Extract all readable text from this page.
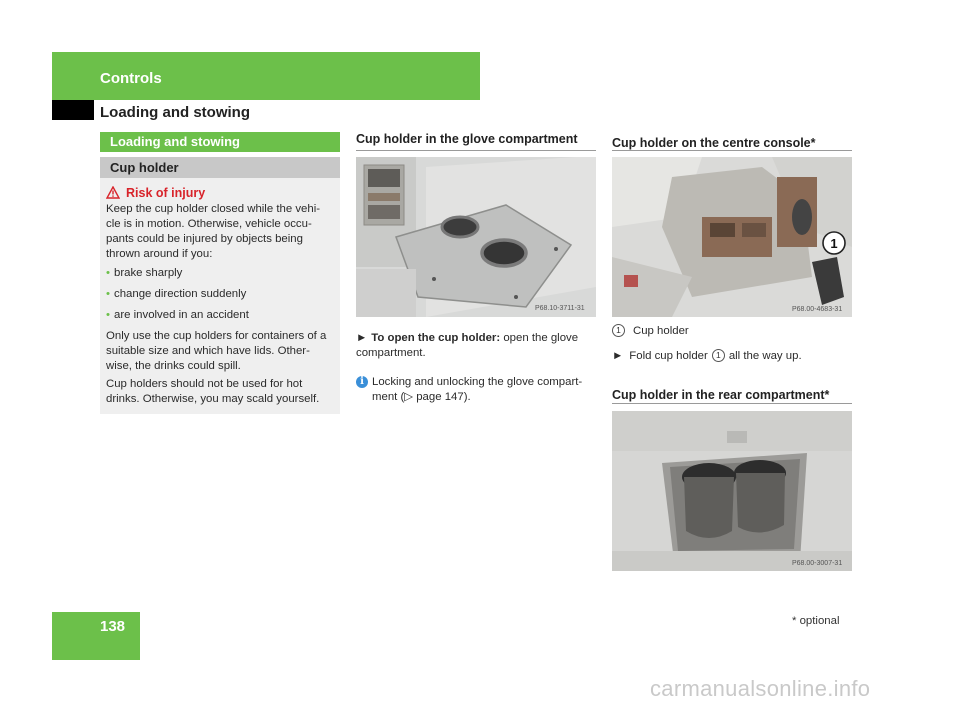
Controls
Loading and stowing
Loading and stowing
Cup holder
Risk of injury
Keep the cup holder closed while the vehi-cle is in motion. Otherwise, vehicle occu-pants could be injured by objects being thrown around if you:
• brake sharply
• change direction suddenly
• are involved in an accident
Only use the cup holders for containers of a suitable size and which have lids. Other-wise, the drinks could spill.
Cup holders should not be used for hot drinks. Otherwise, you may scald yourself.
Cup holder in the glove compartment
P68.10-3711-31
► To open the cup holder: open the glove compartment.
i Locking and unlocking the glove compart-ment (▷ page 147).
Cup holder on the centre console*
1
P68.00-4683-31
1	Cup holder
► Fold cup holder 1 all the way up.
Cup holder in the rear compartment*
P68.00-3007-31
138	* optional
carmanualsonline.info
